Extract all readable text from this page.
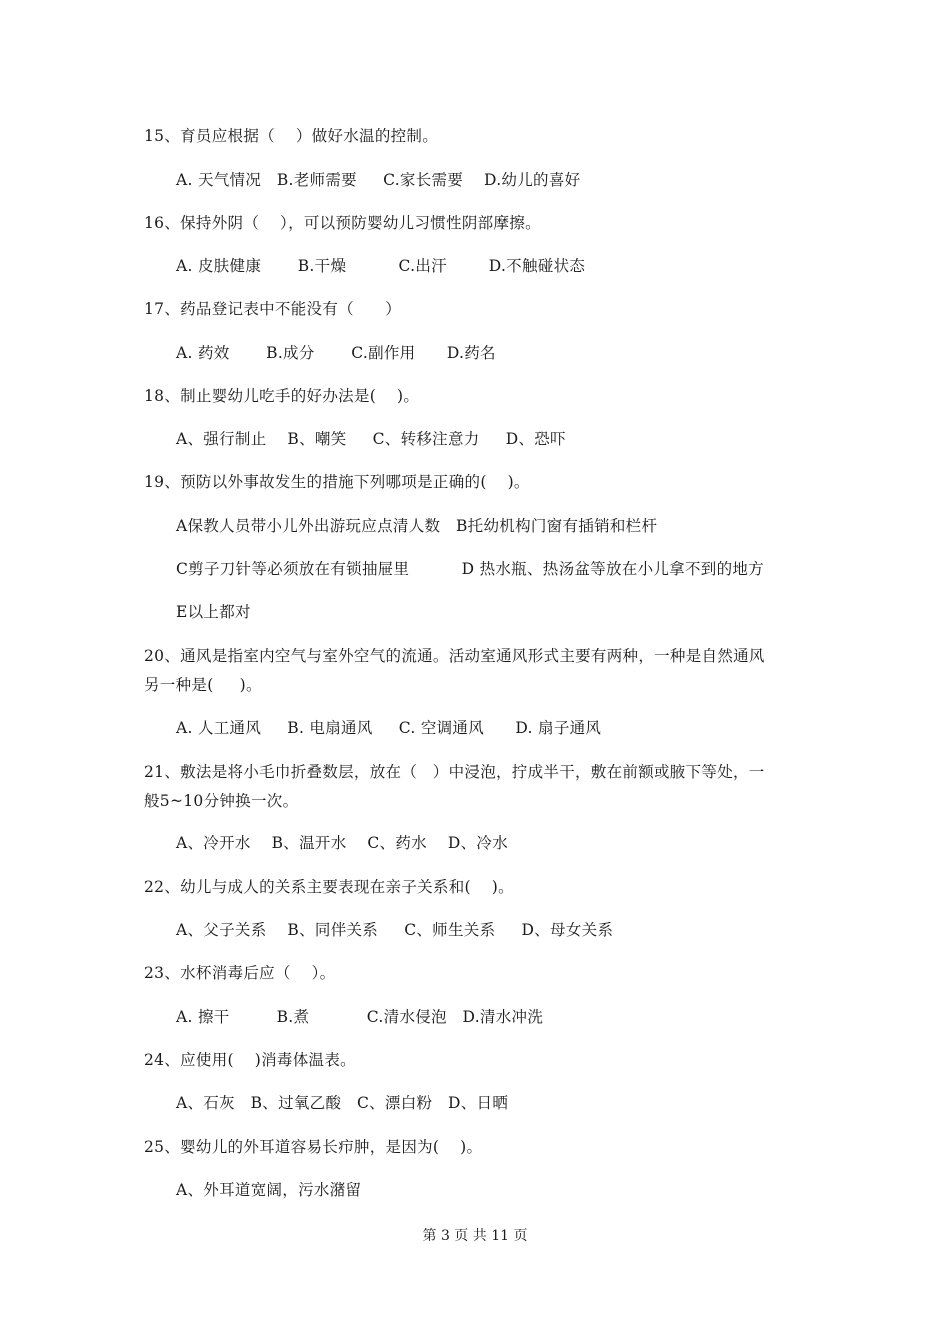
15、育员应根据（    ）做好水温的控制。
A. 天气情况   B.老师需要     C.家长需要    D.幼儿的喜好
16、保持外阴（    ），可以预防婴幼儿习惯性阴部摩擦。
A. 皮肤健康       B.干燥          C.出汗        D.不触碰状态
17、药品登记表中不能没有（      ）
A. 药效       B.成分       C.副作用      D.药名
18、制止婴幼儿吃手的好办法是(    )。
A、强行制止    B、嘲笑     C、转移注意力     D、恐吓
19、预防以外事故发生的措施下列哪项是正确的(    )。
A保教人员带小儿外出游玩应点清人数   B托幼机构门窗有插销和栏杆
C剪子刀针等必须放在有锁抽屉里          D 热水瓶、热汤盆等放在小儿拿不到的地方
E以上都对
20、通风是指室内空气与室外空气的流通。活动室通风形式主要有两种，一种是自然通风
另一种是(     )。
A. 人工通风     B. 电扇通风     C. 空调通风      D. 扇子通风
21、敷法是将小毛巾折叠数层，放在（   ）中浸泡，拧成半干，敷在前额或腋下等处，一
般5~10分钟换一次。
A、冷开水    B、温开水    C、药水    D、冷水
22、幼儿与成人的关系主要表现在亲子关系和(    )。
A、父子关系    B、同伴关系     C、师生关系     D、母女关系
23、水杯消毒后应（    ）。
A. 擦干         B.煮           C.清水侵泡   D.清水冲洗
24、应使用(    )消毒体温表。
A、石灰   B、过氧乙酸   C、漂白粉   D、日晒
25、婴幼儿的外耳道容易长疖肿，是因为(    )。
A、外耳道宽阔，污水潴留
第 3 页 共 11 页
